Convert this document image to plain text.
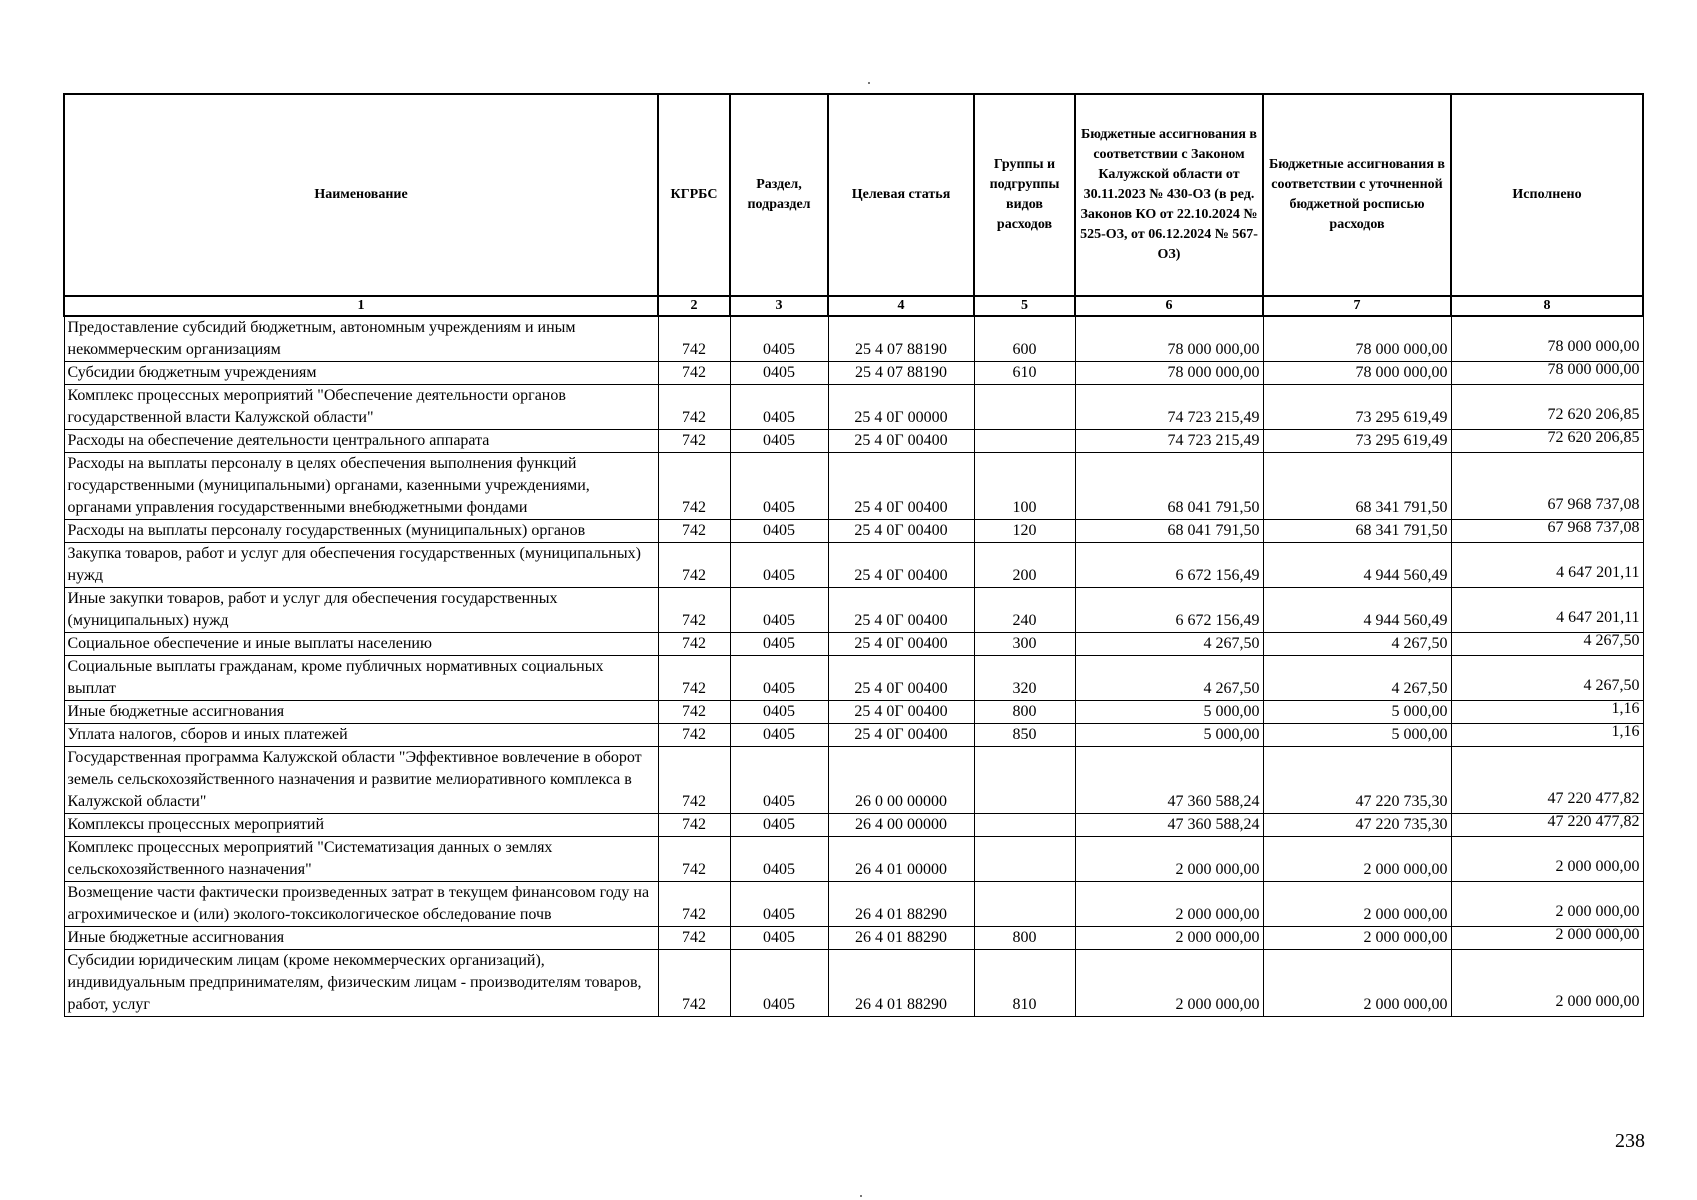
Наименование	КГРБС	Раздел, подраздел	Целевая статья	Группы и подгруппы видов расходов	Бюджетные ассигнования в соответствии с Законом Калужской области от 30.11.2023 № 430-ОЗ (в ред. Законов КО от 22.10.2024 № 525-ОЗ, от 06.12.2024 № 567-ОЗ)	Бюджетные ассигнования в соответствии с уточненной бюджетной росписью расходов	Исполнено
1	2	3	4	5	6	7	8
Предоставление субсидий бюджетным, автономным учреждениям и иным некоммерческим организациям	742	0405	25 4 07 88190	600	78 000 000,00	78 000 000,00	78 000 000,00
Субсидии бюджетным учреждениям	742	0405	25 4 07 88190	610	78 000 000,00	78 000 000,00	78 000 000,00
Комплекс процессных мероприятий "Обеспечение деятельности органов государственной власти Калужской области"	742	0405	25 4 0Г 00000		74 723 215,49	73 295 619,49	72 620 206,85
Расходы на обеспечение деятельности центрального аппарата	742	0405	25 4 0Г 00400		74 723 215,49	73 295 619,49	72 620 206,85
Расходы на выплаты персоналу в целях обеспечения выполнения функций государственными (муниципальными) органами, казенными учреждениями, органами управления государственными внебюджетными фондами	742	0405	25 4 0Г 00400	100	68 041 791,50	68 341 791,50	67 968 737,08
Расходы на выплаты персоналу государственных (муниципальных) органов	742	0405	25 4 0Г 00400	120	68 041 791,50	68 341 791,50	67 968 737,08
Закупка товаров, работ и услуг для обеспечения государственных (муниципальных) нужд	742	0405	25 4 0Г 00400	200	6 672 156,49	4 944 560,49	4 647 201,11
Иные закупки товаров, работ и услуг для обеспечения государственных (муниципальных) нужд	742	0405	25 4 0Г 00400	240	6 672 156,49	4 944 560,49	4 647 201,11
Социальное обеспечение и иные выплаты населению	742	0405	25 4 0Г 00400	300	4 267,50	4 267,50	4 267,50
Социальные выплаты гражданам, кроме публичных нормативных социальных выплат	742	0405	25 4 0Г 00400	320	4 267,50	4 267,50	4 267,50
Иные бюджетные ассигнования	742	0405	25 4 0Г 00400	800	5 000,00	5 000,00	1,16
Уплата налогов, сборов и иных платежей	742	0405	25 4 0Г 00400	850	5 000,00	5 000,00	1,16
Государственная программа Калужской области "Эффективное вовлечение в оборот земель сельскохозяйственного назначения и развитие мелиоративного комплекса в Калужской области"	742	0405	26 0 00 00000		47 360 588,24	47 220 735,30	47 220 477,82
Комплексы процессных мероприятий	742	0405	26 4 00 00000		47 360 588,24	47 220 735,30	47 220 477,82
Комплекс процессных мероприятий "Систематизация данных о землях сельскохозяйственного назначения"	742	0405	26 4 01 00000		2 000 000,00	2 000 000,00	2 000 000,00
Возмещение части фактически произведенных затрат в текущем финансовом году на агрохимическое и (или) эколого-токсикологическое обследование почв	742	0405	26 4 01 88290		2 000 000,00	2 000 000,00	2 000 000,00
Иные бюджетные ассигнования	742	0405	26 4 01 88290	800	2 000 000,00	2 000 000,00	2 000 000,00
Субсидии юридическим лицам (кроме некоммерческих организаций), индивидуальным предпринимателям, физическим лицам - производителям товаров, работ, услуг	742	0405	26 4 01 88290	810	2 000 000,00	2 000 000,00	2 000 000,00
238
